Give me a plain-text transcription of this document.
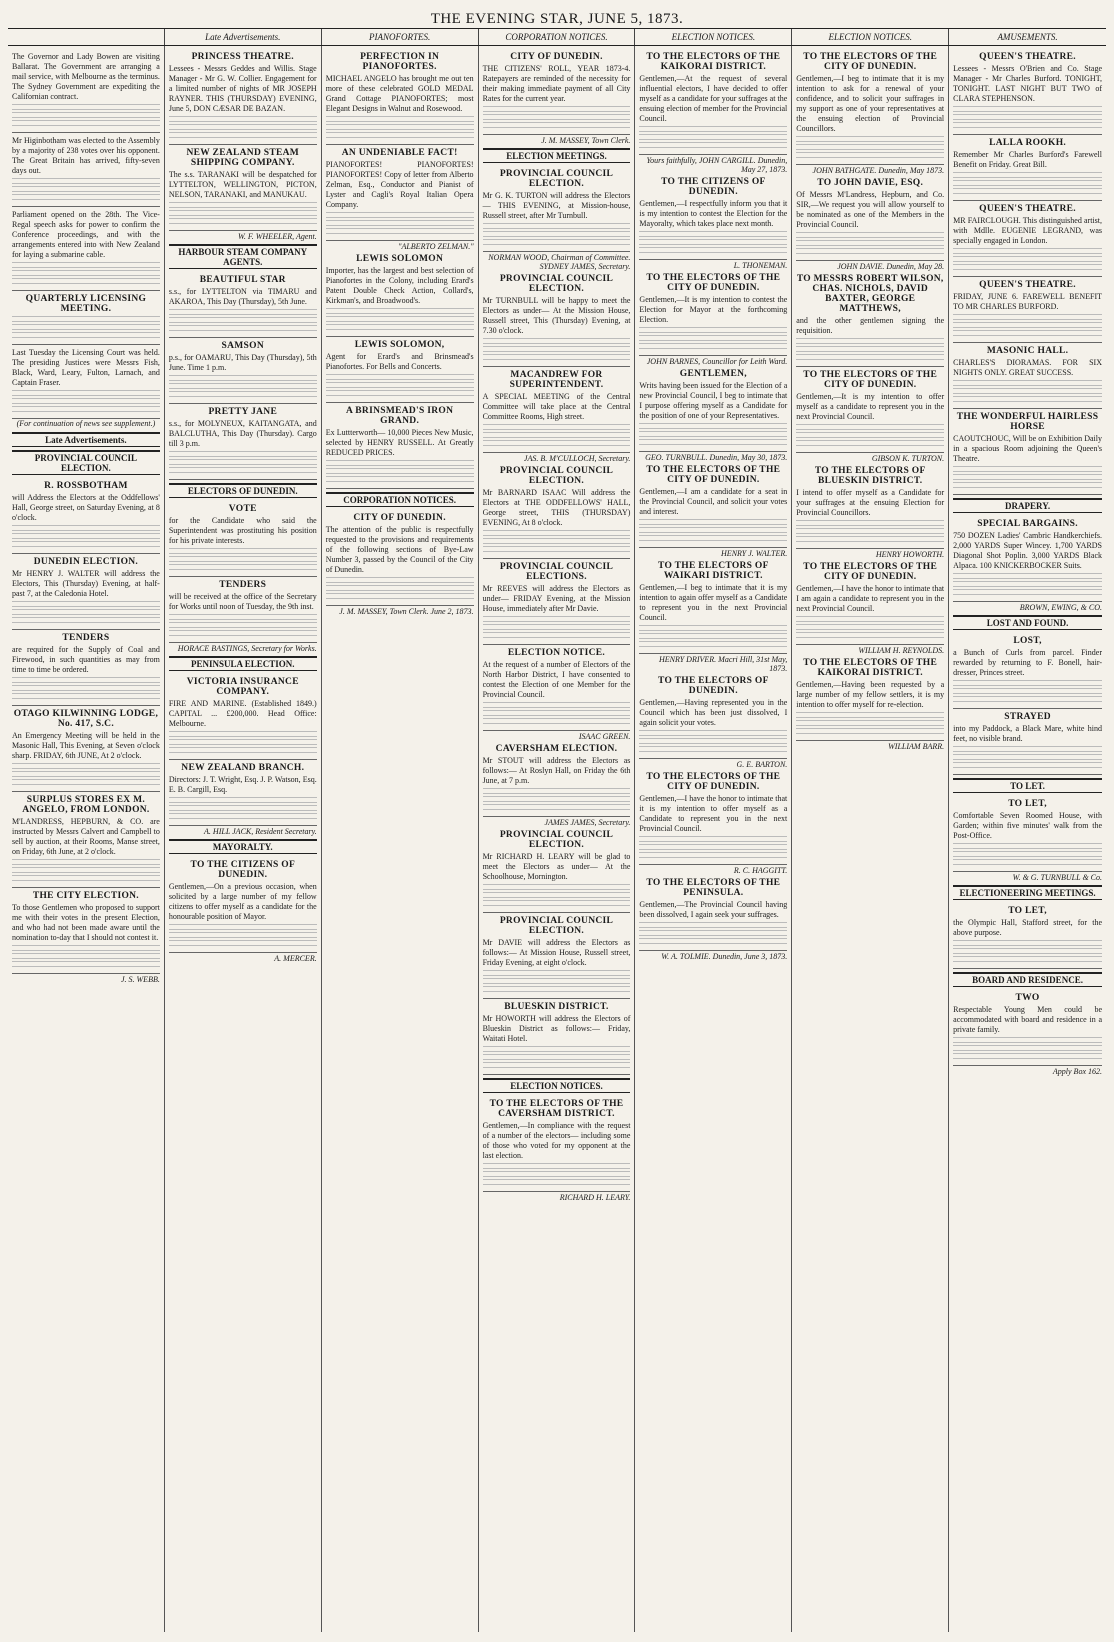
THE EVENING STAR, JUNE 5, 1873.
Late Advertisements.	PIANOFORTES.	CORPORATION NOTICES.	ELECTION NOTICES.	ELECTION NOTICES.	AMUSEMENTS.
The Governor and Lady Bowen are visiting Ballarat. The Government are arranging a mail service, with Melbourne as the terminus. The Sydney Government are expediting the Californian contract.
Mr Higinbotham was elected to the Assembly by a majority of 238 votes over his opponent. The Great Britain has arrived, fifty-seven days out.
Parliament opened on the 28th. The Vice-Regal speech asks for power to confirm the Conference proceedings, and with the arrangements entered into with New Zealand for laying a submarine cable.
QUARTERLY LICENSING MEETING.
Last Tuesday the Licensing Court was held. The presiding Justices were Messrs Fish, Black, Ward, Leary, Fulton, Larnach, and Captain Fraser.
(For continuation of news see supplement.)
Late Advertisements.
PROVINCIAL COUNCIL ELECTION.
R. ROSSBOTHAM
will Address the Electors at the Oddfellows' Hall, George street, on Saturday Evening, at 8 o'clock.
DUNEDIN ELECTION.
Mr HENRY J. WALTER will address the Electors, This (Thursday) Evening, at half-past 7, at the Caledonia Hotel.
TENDERS
are required for the Supply of Coal and Firewood, in such quantities as may from time to time be ordered.
OTAGO KILWINNING LODGE, No. 417, S.C.
An Emergency Meeting will be held in the Masonic Hall, This Evening, at Seven o'clock sharp. FRIDAY, 6th JUNE, At 2 o'clock.
SURPLUS STORES EX M. ANGELO, FROM LONDON.
M'LANDRESS, HEPBURN, & CO. are instructed by Messrs Calvert and Campbell to sell by auction, at their Rooms, Manse street, on Friday, 6th June, at 2 o'clock.
THE CITY ELECTION.
To those Gentlemen who proposed to support me with their votes in the present Election, and who had not been made aware until the nomination to-day that I should not contest it.
J. S. WEBB.
PRINCESS THEATRE.
Lessees - Messrs Geddes and Willis. Stage Manager - Mr G. W. Collier. Engagement for a limited number of nights of MR JOSEPH RAYNER. THIS (THURSDAY) EVENING, June 5, DON CÆSAR DE BAZAN.
NEW ZEALAND STEAM SHIPPING COMPANY.
The s.s. TARANAKI will be despatched for LYTTELTON, WELLINGTON, PICTON, NELSON, TARANAKI, and MANUKAU.
W. F. WHEELER, Agent.
HARBOUR STEAM COMPANY AGENTS.
BEAUTIFUL STAR
s.s., for LYTTELTON via TIMARU and AKAROA, This Day (Thursday), 5th June.
SAMSON
p.s., for OAMARU, This Day (Thursday), 5th June. Time 1 p.m.
PRETTY JANE
s.s., for MOLYNEUX, KAITANGATA, and BALCLUTHA, This Day (Thursday). Cargo till 3 p.m.
ELECTORS OF DUNEDIN.
VOTE
for the Candidate who said the Superintendent was prostituting his position for his private interests.
TENDERS
will be received at the office of the Secretary for Works until noon of Tuesday, the 9th inst.
HORACE BASTINGS, Secretary for Works.
PENINSULA ELECTION.
VICTORIA INSURANCE COMPANY.
FIRE AND MARINE. (Established 1849.) CAPITAL ... £200,000. Head Office: Melbourne.
NEW ZEALAND BRANCH.
Directors: J. T. Wright, Esq. J. P. Watson, Esq. E. B. Cargill, Esq.
A. HILL JACK, Resident Secretary.
MAYORALTY.
TO THE CITIZENS OF DUNEDIN.
Gentlemen,—On a previous occasion, when solicited by a large number of my fellow citizens to offer myself as a candidate for the honourable position of Mayor.
A. MERCER.
PERFECTION IN PIANOFORTES.
MICHAEL ANGELO has brought me out ten more of these celebrated GOLD MEDAL Grand Cottage PIANOFORTES; most Elegant Designs in Walnut and Rosewood.
AN UNDENIABLE FACT!
PIANOFORTES! PIANOFORTES! PIANOFORTES! Copy of letter from Alberto Zelman, Esq., Conductor and Pianist of Lyster and Cagli's Royal Italian Opera Company.
"ALBERTO ZELMAN."
LEWIS SOLOMON
Importer, has the largest and best selection of Pianofortes in the Colony, including Erard's Patent Double Check Action, Collard's, Kirkman's, and Broadwood's.
LEWIS SOLOMON,
Agent for Erard's and Brinsmead's Pianofortes. For Bells and Concerts.
A BRINSMEAD'S IRON GRAND.
Ex Luttterworth— 10,000 Pieces New Music, selected by HENRY RUSSELL. At Greatly REDUCED PRICES.
CORPORATION NOTICES.
CITY OF DUNEDIN.
The attention of the public is respectfully requested to the provisions and requirements of the following sections of Bye-Law Number 3, passed by the Council of the City of Dunedin.
J. M. MASSEY, Town Clerk. June 2, 1873.
CITY OF DUNEDIN.
THE CITIZENS' ROLL, YEAR 1873-4. Ratepayers are reminded of the necessity for their making immediate payment of all City Rates for the current year.
J. M. MASSEY, Town Clerk.
ELECTION MEETINGS.
PROVINCIAL COUNCIL ELECTION.
Mr G. K. TURTON will address the Electors— THIS EVENING, at Mission-house, Russell street, after Mr Turnbull.
NORMAN WOOD, Chairman of Committee. SYDNEY JAMES, Secretary.
PROVINCIAL COUNCIL ELECTION.
Mr TURNBULL will be happy to meet the Electors as under— At the Mission House, Russell street, This (Thursday) Evening, at 7.30 o'clock.
MACANDREW FOR SUPERINTENDENT.
A SPECIAL MEETING of the Central Committee will take place at the Central Committee Rooms, High street.
JAS. B. M'CULLOCH, Secretary.
PROVINCIAL COUNCIL ELECTION.
Mr BARNARD ISAAC Will address the Electors at THE ODDFELLOWS' HALL, George street, THIS (THURSDAY) EVENING, At 8 o'clock.
PROVINCIAL COUNCIL ELECTIONS.
Mr REEVES will address the Electors as under— FRIDAY Evening, at the Mission House, immediately after Mr Davie.
ELECTION NOTICE.
At the request of a number of Electors of the North Harbor District, I have consented to contest the Election of one Member for the Provincial Council.
ISAAC GREEN.
CAVERSHAM ELECTION.
Mr STOUT will address the Electors as follows:— At Roslyn Hall, on Friday the 6th June, at 7 p.m.
JAMES JAMES, Secretary.
PROVINCIAL COUNCIL ELECTION.
Mr RICHARD H. LEARY will be glad to meet the Electors as under— At the Schoolhouse, Mornington.
PROVINCIAL COUNCIL ELECTION.
Mr DAVIE will address the Electors as follows:— At Mission House, Russell street, Friday Evening, at eight o'clock.
BLUESKIN DISTRICT.
Mr HOWORTH will address the Electors of Blueskin District as follows:— Friday, Waitati Hotel.
ELECTION NOTICES.
TO THE ELECTORS OF THE CAVERSHAM DISTRICT.
Gentlemen,—In compliance with the request of a number of the electors— including some of those who voted for my opponent at the last election.
RICHARD H. LEARY.
TO THE ELECTORS OF THE KAIKORAI DISTRICT.
Gentlemen,—At the request of several influential electors, I have decided to offer myself as a candidate for your suffrages at the ensuing election of member for the Provincial Council.
Yours faithfully, JOHN CARGILL. Dunedin, May 27, 1873.
TO THE CITIZENS OF DUNEDIN.
Gentlemen,—I respectfully inform you that it is my intention to contest the Election for the Mayoralty, which takes place next month.
L. THONEMAN.
TO THE ELECTORS OF THE CITY OF DUNEDIN.
Gentlemen,—It is my intention to contest the Election for Mayor at the forthcoming Election.
JOHN BARNES, Councillor for Leith Ward.
GENTLEMEN,
Writs having been issued for the Election of a new Provincial Council, I beg to intimate that I purpose offering myself as a Candidate for the position of one of your Representatives.
GEO. TURNBULL. Dunedin, May 30, 1873.
TO THE ELECTORS OF THE CITY OF DUNEDIN.
Gentlemen,—I am a candidate for a seat in the Provincial Council, and solicit your votes and interest.
HENRY J. WALTER.
TO THE ELECTORS OF WAIKARI DISTRICT.
Gentlemen,—I beg to intimate that it is my intention to again offer myself as a Candidate to represent you in the next Provincial Council.
HENRY DRIVER. Macri Hill, 31st May, 1873.
TO THE ELECTORS OF DUNEDIN.
Gentlemen,—Having represented you in the Council which has been just dissolved, I again solicit your votes.
G. E. BARTON.
TO THE ELECTORS OF THE CITY OF DUNEDIN.
Gentlemen,—I have the honor to intimate that it is my intention to offer myself as a Candidate to represent you in the next Provincial Council.
R. C. HAGGITT.
TO THE ELECTORS OF THE PENINSULA.
Gentlemen,—The Provincial Council having been dissolved, I again seek your suffrages.
W. A. TOLMIE. Dunedin, June 3, 1873.
TO THE ELECTORS OF THE CITY OF DUNEDIN.
Gentlemen,—I beg to intimate that it is my intention to ask for a renewal of your confidence, and to solicit your suffrages in my support as one of your representatives at the ensuing election of Provincial Councillors.
JOHN BATHGATE. Dunedin, May 1873.
TO JOHN DAVIE, ESQ.
Of Messrs M'Landress, Hepburn, and Co. SIR,—We request you will allow yourself to be nominated as one of the Members in the Provincial Council.
JOHN DAVIE. Dunedin, May 28.
TO MESSRS ROBERT WILSON, CHAS. NICHOLS, DAVID BAXTER, GEORGE MATTHEWS,
and the other gentlemen signing the requisition.
TO THE ELECTORS OF THE CITY OF DUNEDIN.
Gentlemen,—It is my intention to offer myself as a candidate to represent you in the next Provincial Council.
GIBSON K. TURTON.
TO THE ELECTORS OF BLUESKIN DISTRICT.
I intend to offer myself as a Candidate for your suffrages at the ensuing Election for Provincial Councillors.
HENRY HOWORTH.
TO THE ELECTORS OF THE CITY OF DUNEDIN.
Gentlemen,—I have the honor to intimate that I am again a candidate to represent you in the next Provincial Council.
WILLIAM H. REYNOLDS.
TO THE ELECTORS OF THE KAIKORAI DISTRICT.
Gentlemen,—Having been requested by a large number of my fellow settlers, it is my intention to offer myself for re-election.
WILLIAM BARR.
QUEEN'S THEATRE.
Lessees - Messrs O'Brien and Co. Stage Manager - Mr Charles Burford. TONIGHT, TONIGHT. LAST NIGHT BUT TWO of CLARA STEPHENSON.
LALLA ROOKH.
Remember Mr Charles Burford's Farewell Benefit on Friday. Great Bill.
QUEEN'S THEATRE.
MR FAIRCLOUGH. This distinguished artist, with Mdlle. EUGENIE LEGRAND, was specially engaged in London.
QUEEN'S THEATRE.
FRIDAY, JUNE 6. FAREWELL BENEFIT TO MR CHARLES BURFORD.
MASONIC HALL.
CHARLES'S DIORAMAS. FOR SIX NIGHTS ONLY. GREAT SUCCESS.
THE WONDERFUL HAIRLESS HORSE
CAOUTCHOUC, Will be on Exhibition Daily in a spacious Room adjoining the Queen's Theatre.
DRAPERY.
SPECIAL BARGAINS.
750 DOZEN Ladies' Cambric Handkerchiefs. 2,000 YARDS Super Wincey. 1,700 YARDS Diagonal Shot Poplin. 3,000 YARDS Black Alpaca. 100 KNICKERBOCKER Suits.
BROWN, EWING, & CO.
LOST AND FOUND.
LOST,
a Bunch of Curls from parcel. Finder rewarded by returning to F. Bonell, hair-dresser, Princes street.
STRAYED
into my Paddock, a Black Mare, white hind feet, no visible brand.
TO LET.
TO LET,
Comfortable Seven Roomed House, with Garden; within five minutes' walk from the Post-Office.
W. & G. TURNBULL & Co.
ELECTIONEERING MEETINGS.
TO LET,
the Olympic Hall, Stafford street, for the above purpose.
BOARD AND RESIDENCE.
TWO
Respectable Young Men could be accommodated with board and residence in a private family.
Apply Box 162.
